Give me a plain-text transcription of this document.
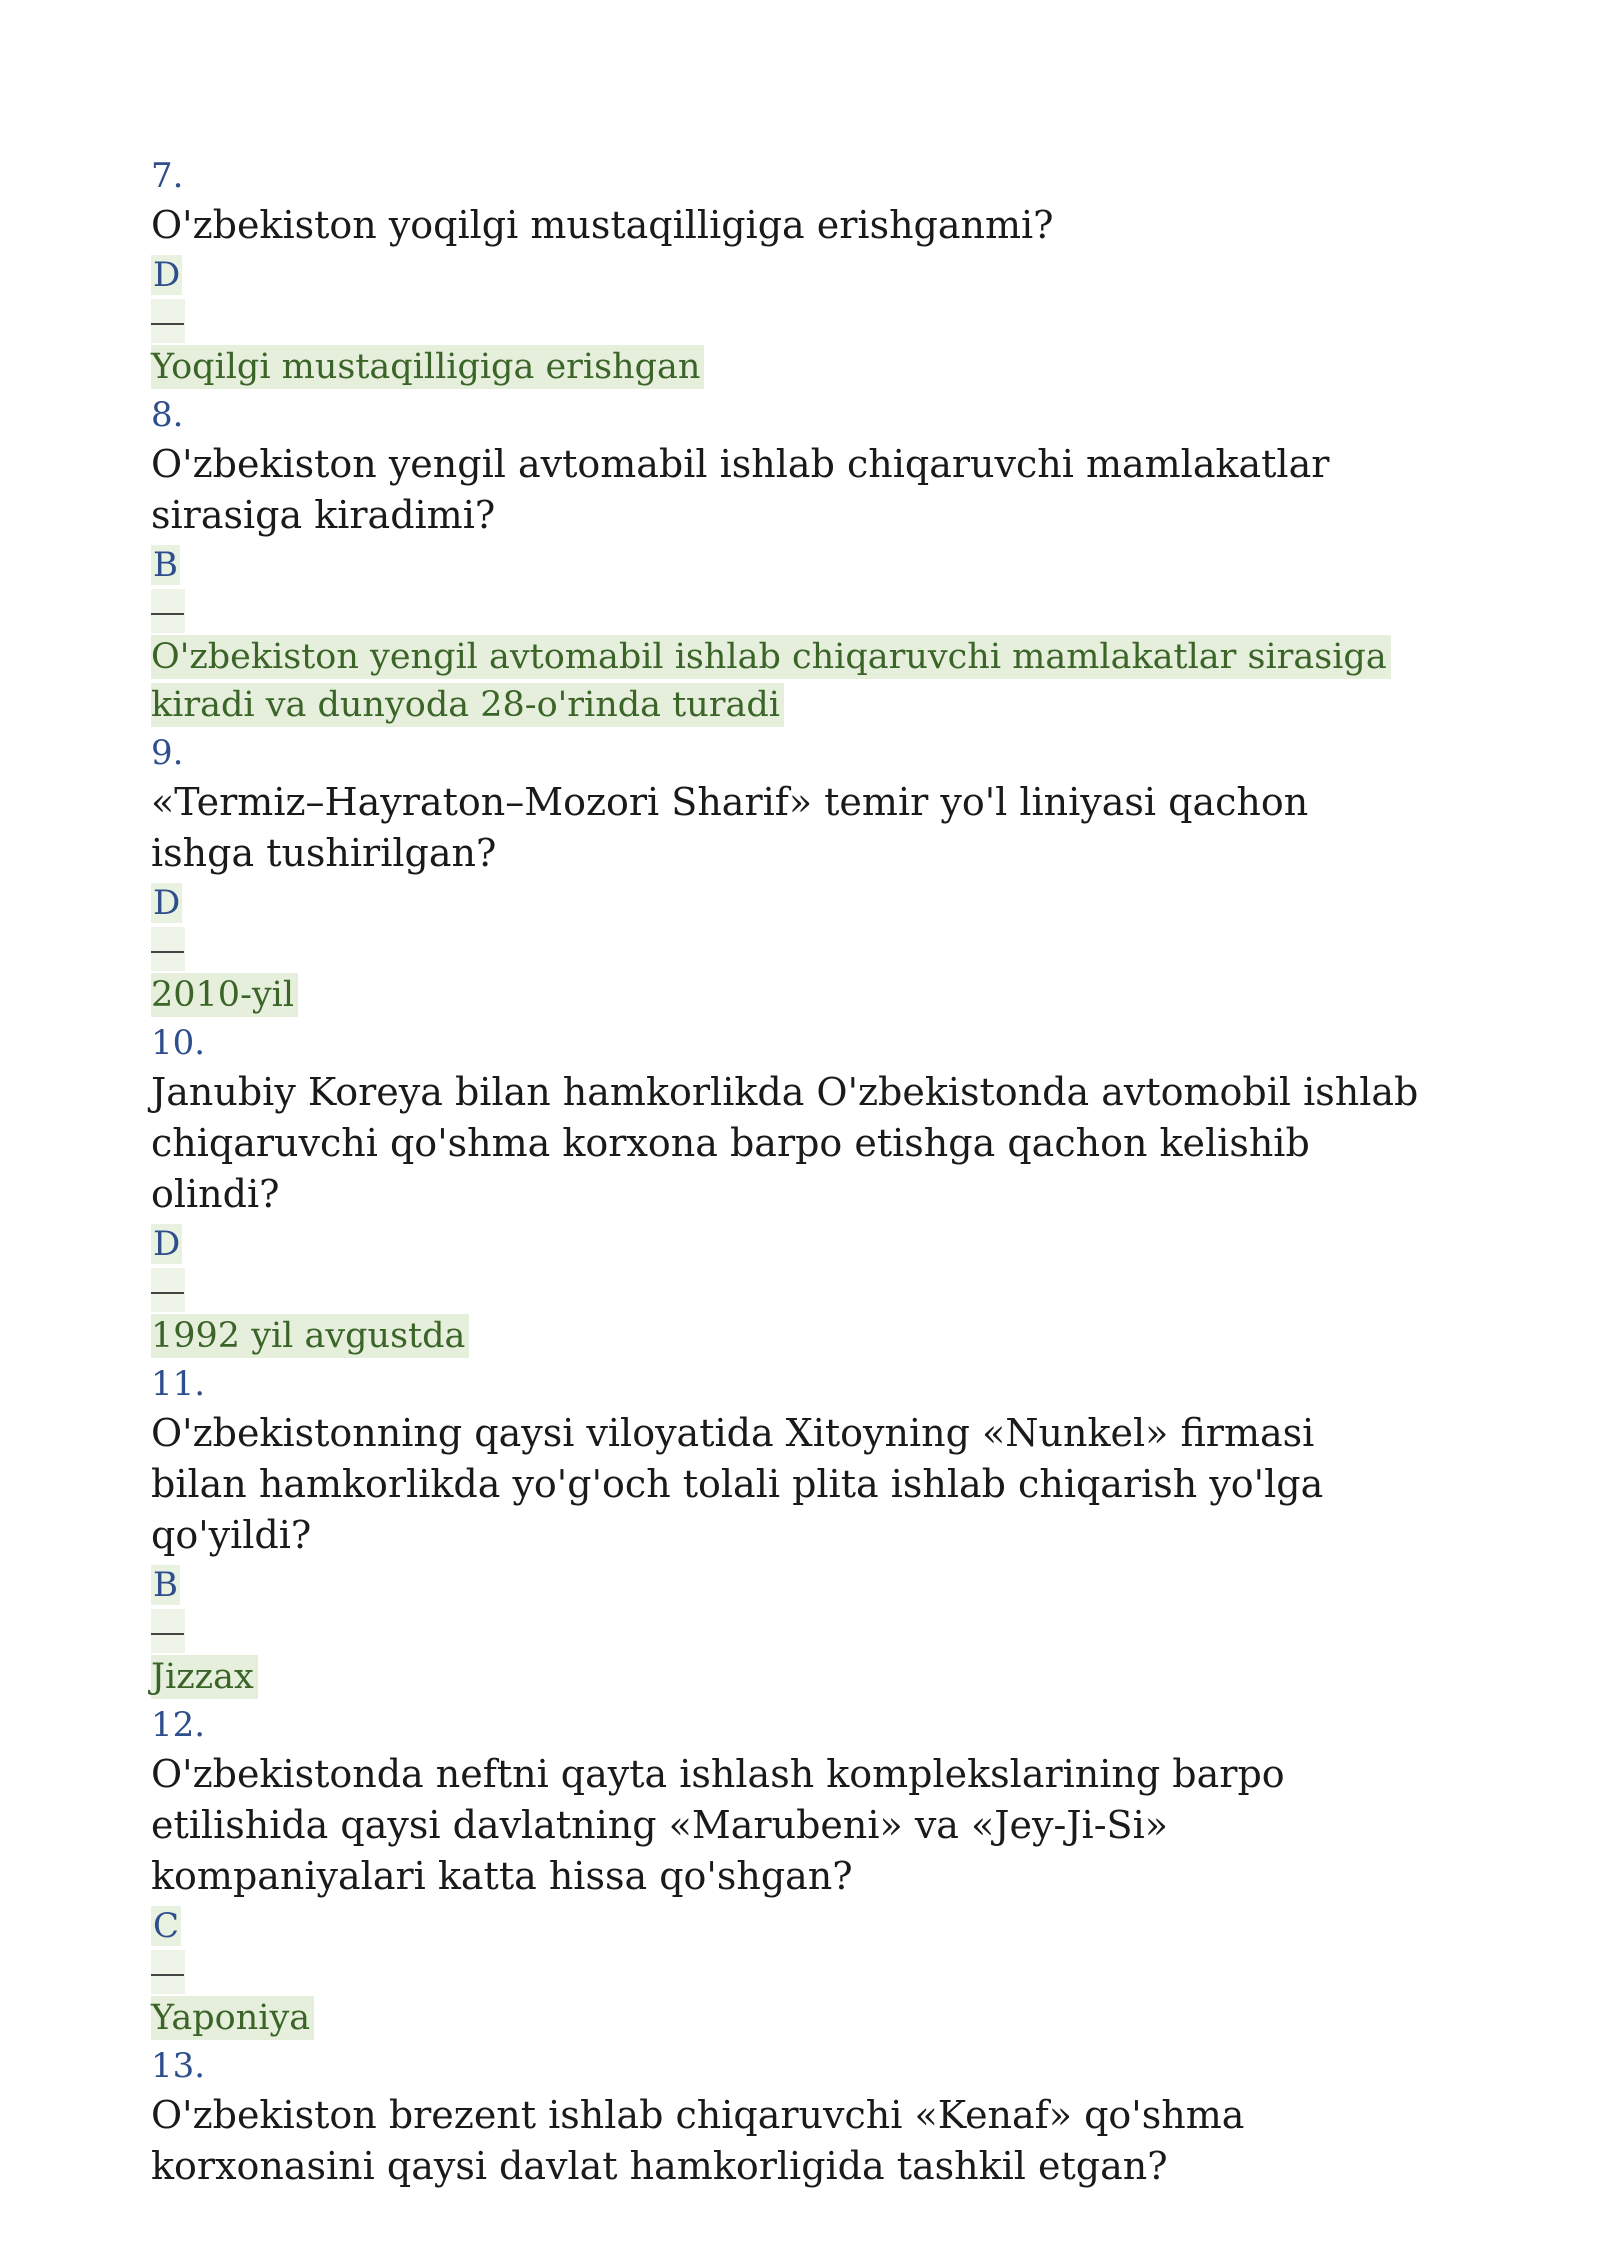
7.
O'zbekiston yoqilgi mustaqilligiga erishganmi?
D
Yoqilgi mustaqilligiga erishgan
8.
O'zbekiston yengil avtomabil ishlab chiqaruvchi mamlakatlar sirasiga kiradimi?
B
O'zbekiston yengil avtomabil ishlab chiqaruvchi mamlakatlar sirasiga kiradi va dunyoda 28-o'rinda turadi
9.
«Termiz–Hayraton–Mozori Sharif» temir yo'l liniyasi qachon ishga tushirilgan?
D
2010-yil
10.
Janubiy Koreya bilan hamkorlikda O'zbekistonda avtomobil ishlab chiqaruvchi qo'shma korxona barpo etishga qachon kelishib olindi?
D
1992 yil avgustda
11.
O'zbekistonning qaysi viloyatida Xitoyning «Nunkel» firmasi bilan hamkorlikda yo'g'och tolali plita ishlab chiqarish yo'lga qo'yildi?
B
Jizzax
12.
O'zbekistonda neftni qayta ishlash komplekslarining barpo etilishida qaysi davlatning «Marubeni» va «Jey-Ji-Si» kompaniyalari katta hissa qo'shgan?
C
Yaponiya
13.
O'zbekiston brezent ishlab chiqaruvchi «Kenaf» qo'shma korxonasini qaysi davlat hamkorligida tashkil etgan?
